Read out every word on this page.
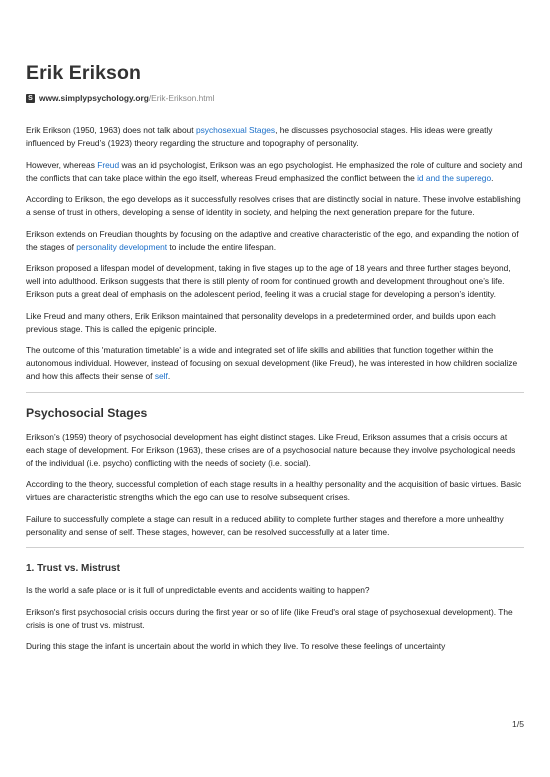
Erik Erikson
S www.simplypsychology.org /Erik-Erikson.html

Erik Erikson (1950, 1963) does not talk about psychosexual Stages, he discusses psychosocial stages. His ideas were greatly influenced by Freud’s (1923) theory regarding the structure and topography of personality.

However, whereas Freud was an id psychologist, Erikson was an ego psychologist. He emphasized the role of culture and society and the conflicts that can take place within the ego itself, whereas Freud emphasized the conflict between the id and the superego.

According to Erikson, the ego develops as it successfully resolves crises that are distinctly social in nature. These involve establishing a sense of trust in others, developing a sense of identity in society, and helping the next generation prepare for the future.

Erikson extends on Freudian thoughts by focusing on the adaptive and creative characteristic of the ego, and expanding the notion of the stages of personality development to include the entire lifespan.

Erikson proposed a lifespan model of development, taking in five stages up to the age of 18 years and three further stages beyond, well into adulthood. Erikson suggests that there is still plenty of room for continued growth and development throughout one’s life. Erikson puts a great deal of emphasis on the adolescent period, feeling it was a crucial stage for developing a person’s identity.

Like Freud and many others, Erik Erikson maintained that personality develops in a predetermined order, and builds upon each previous stage. This is called the epigenic principle.

The outcome of this 'maturation timetable' is a wide and integrated set of life skills and abilities that function together within the autonomous individual. However, instead of focusing on sexual development (like Freud), he was interested in how children socialize and how this affects their sense of self.

Psychosocial Stages

Erikson’s (1959) theory of psychosocial development has eight distinct stages. Like Freud, Erikson assumes that a crisis occurs at each stage of development. For Erikson (1963), these crises are of a psychosocial nature because they involve psychological needs of the individual (i.e. psycho) conflicting with the needs of society (i.e. social).

According to the theory, successful completion of each stage results in a healthy personality and the acquisition of basic virtues. Basic virtues are characteristic strengths which the ego can use to resolve subsequent crises.

Failure to successfully complete a stage can result in a reduced ability to complete further stages and therefore a more unhealthy personality and sense of self. These stages, however, can be resolved successfully at a later time.

1. Trust vs. Mistrust

Is the world a safe place or is it full of unpredictable events and accidents waiting to happen?

Erikson's first psychosocial crisis occurs during the first year or so of life (like Freud's oral stage of psychosexual development). The crisis is one of trust vs. mistrust.

During this stage the infant is uncertain about the world in which they live. To resolve these feelings of uncertainty

1/5
